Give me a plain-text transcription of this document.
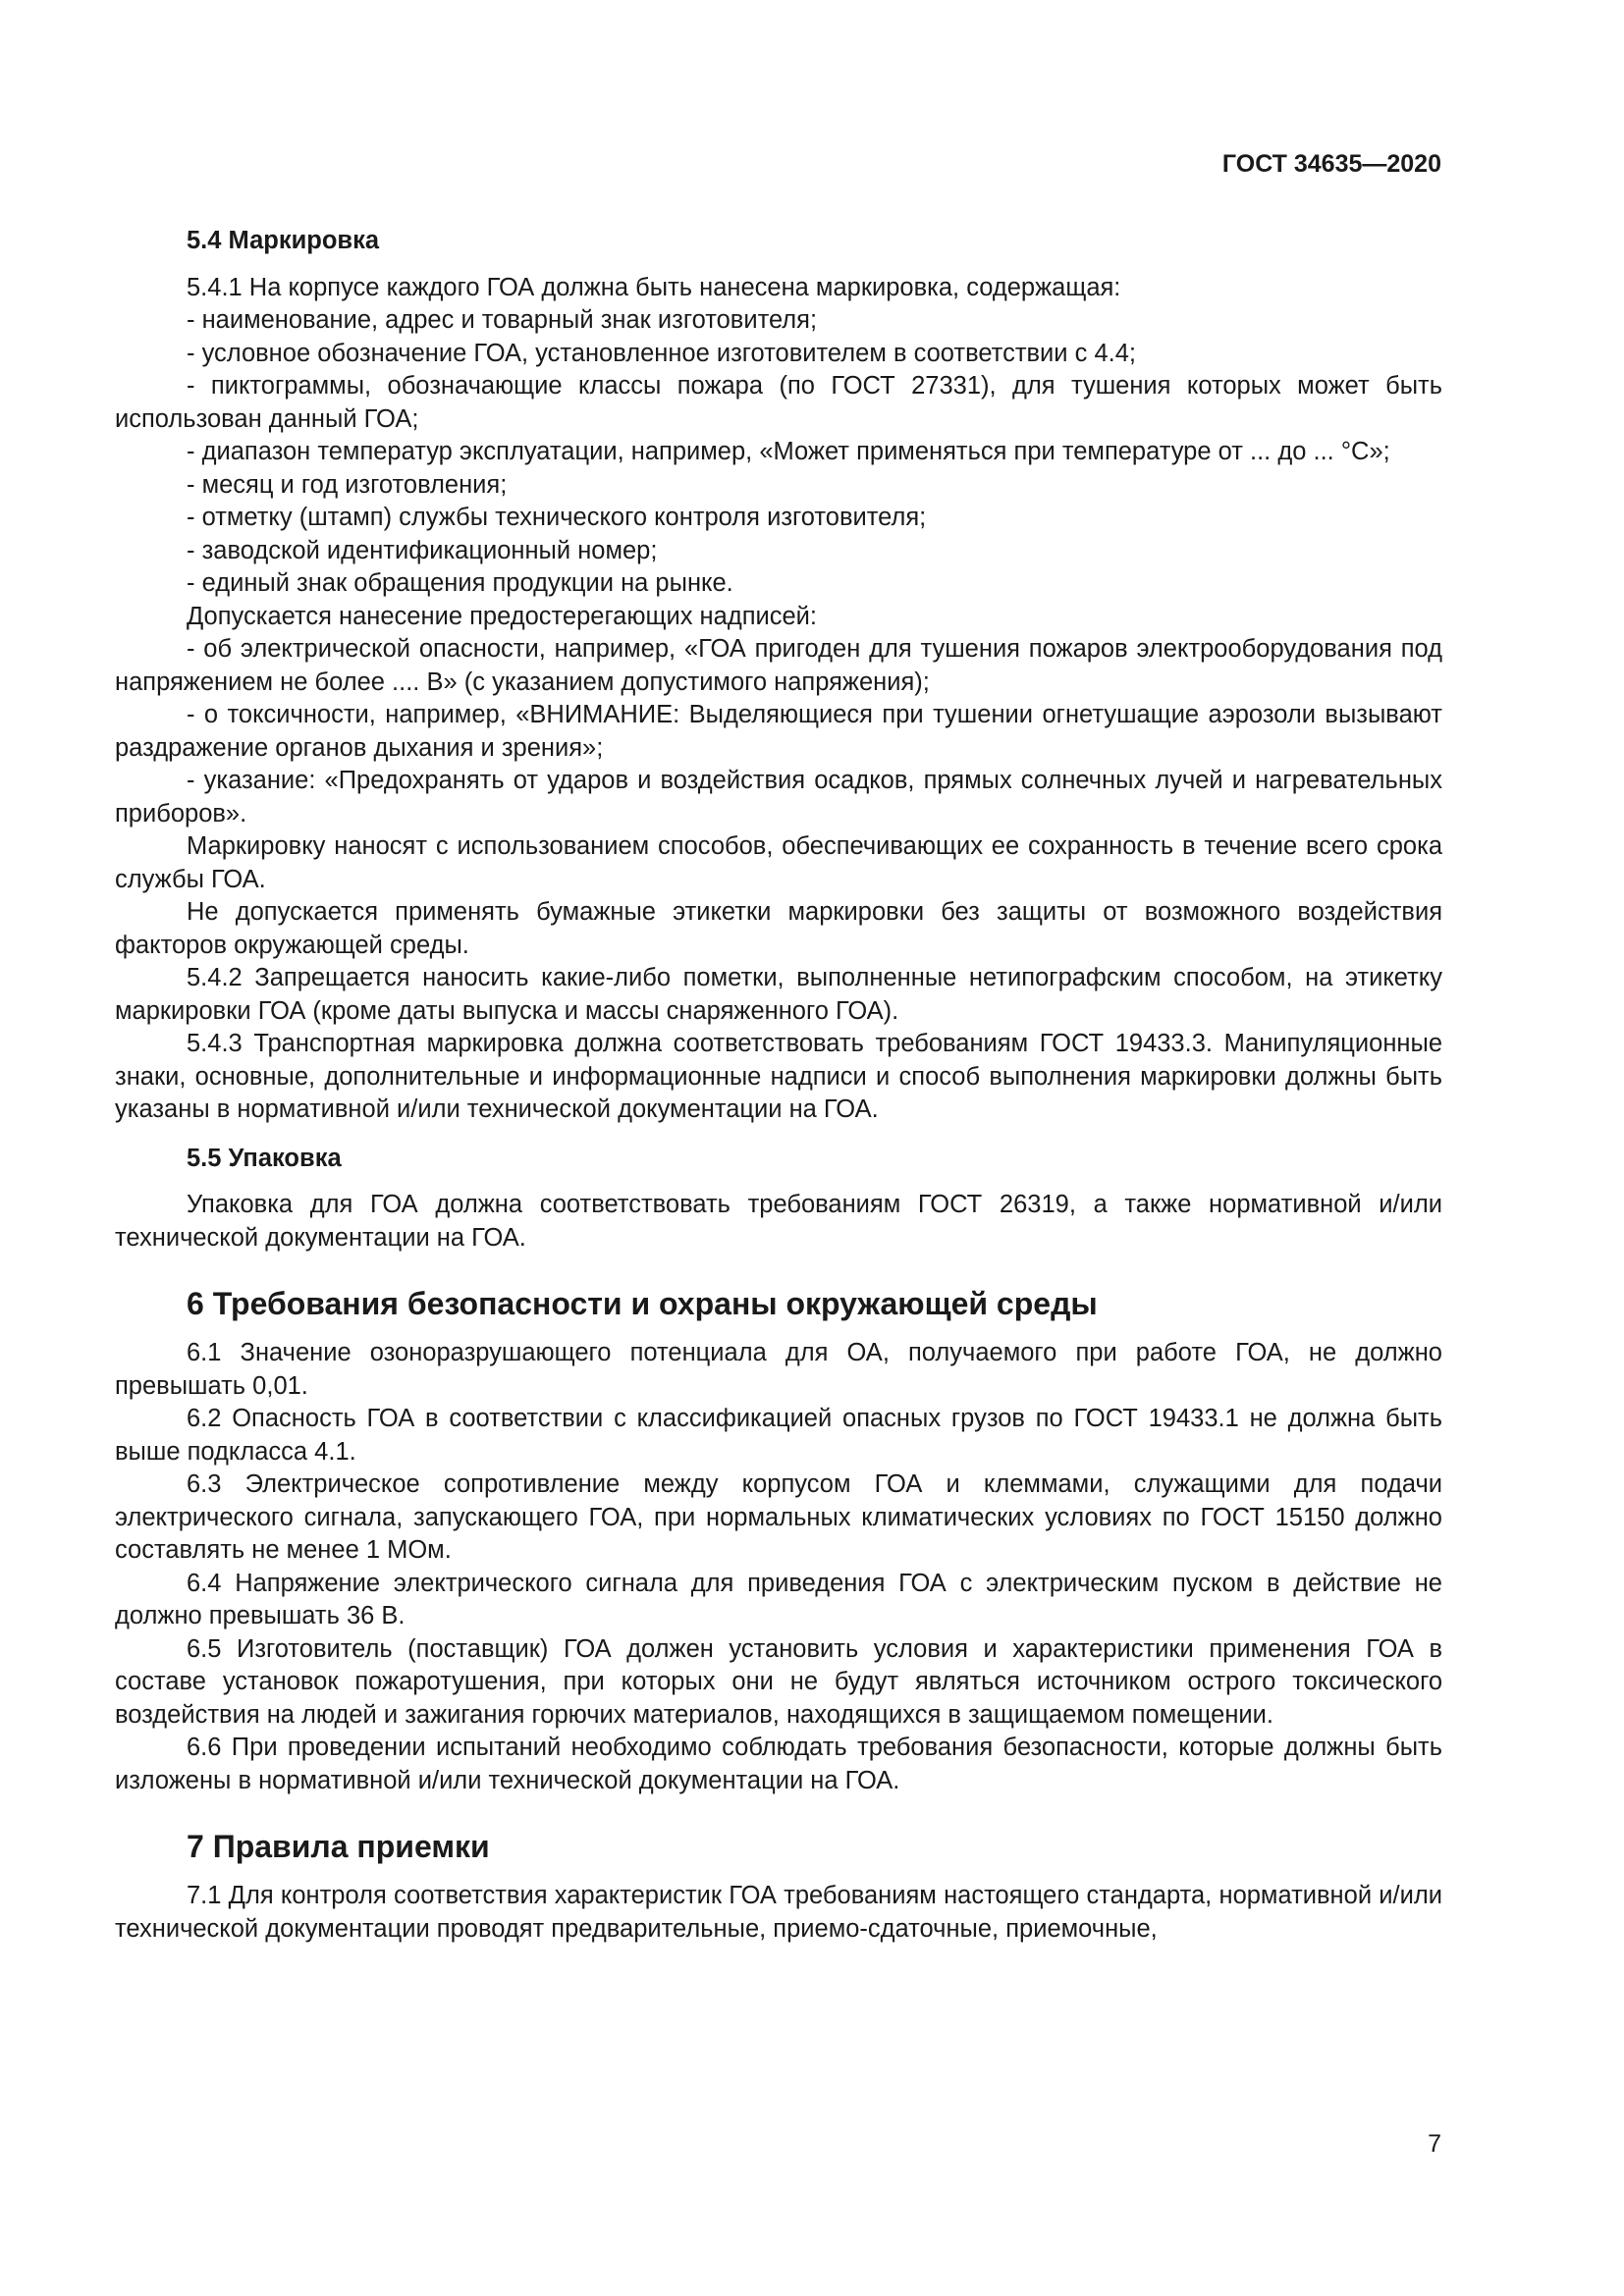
ГОСТ 34635—2020

5.4 Маркировка

5.4.1 На корпусе каждого ГОА должна быть нанесена маркировка, содержащая:

- наименование, адрес и товарный знак изготовителя;

- условное обозначение ГОА, установленное изготовителем в соответствии с 4.4;

- пиктограммы, обозначающие классы пожара (по ГОСТ 27331), для тушения которых может быть использован данный ГОА;

- диапазон температур эксплуатации, например, «Может применяться при температуре от ... до ... °C»;

- месяц и год изготовления;

- отметку (штамп) службы технического контроля изготовителя;

- заводской идентификационный номер;

- единый знак обращения продукции на рынке.

Допускается нанесение предостерегающих надписей:

- об электрической опасности, например, «ГОА пригоден для тушения пожаров электрооборудования под напряжением не более .... В» (с указанием допустимого напряжения);

- о токсичности, например, «ВНИМАНИЕ: Выделяющиеся при тушении огнетушащие аэрозоли вызывают раздражение органов дыхания и зрения»;

- указание: «Предохранять от ударов и воздействия осадков, прямых солнечных лучей и нагревательных приборов».

Маркировку наносят с использованием способов, обеспечивающих ее сохранность в течение всего срока службы ГОА.

Не допускается применять бумажные этикетки маркировки без защиты от возможного воздействия факторов окружающей среды.

5.4.2 Запрещается наносить какие-либо пометки, выполненные нетипографским способом, на этикетку маркировки ГОА (кроме даты выпуска и массы снаряженного ГОА).

5.4.3 Транспортная маркировка должна соответствовать требованиям ГОСТ 19433.3. Манипуляционные знаки, основные, дополнительные и информационные надписи и способ выполнения маркировки должны быть указаны в нормативной и/или технической документации на ГОА.

5.5 Упаковка

Упаковка для ГОА должна соответствовать требованиям ГОСТ 26319, а также нормативной и/или технической документации на ГОА.

6 Требования безопасности и охраны окружающей среды

6.1 Значение озоноразрушающего потенциала для ОА, получаемого при работе ГОА, не должно превышать 0,01.

6.2 Опасность ГОА в соответствии с классификацией опасных грузов по ГОСТ 19433.1 не должна быть выше подкласса 4.1.

6.3 Электрическое сопротивление между корпусом ГОА и клеммами, служащими для подачи электрического сигнала, запускающего ГОА, при нормальных климатических условиях по ГОСТ 15150 должно составлять не менее 1 МОм.

6.4 Напряжение электрического сигнала для приведения ГОА с электрическим пуском в действие не должно превышать 36 В.

6.5 Изготовитель (поставщик) ГОА должен установить условия и характеристики применения ГОА в составе установок пожаротушения, при которых они не будут являться источником острого токсического воздействия на людей и зажигания горючих материалов, находящихся в защищаемом помещении.

6.6 При проведении испытаний необходимо соблюдать требования безопасности, которые должны быть изложены в нормативной и/или технической документации на ГОА.

7 Правила приемки

7.1 Для контроля соответствия характеристик ГОА требованиям настоящего стандарта, нормативной и/или технической документации проводят предварительные, приемо-сдаточные, приемочные,

7
